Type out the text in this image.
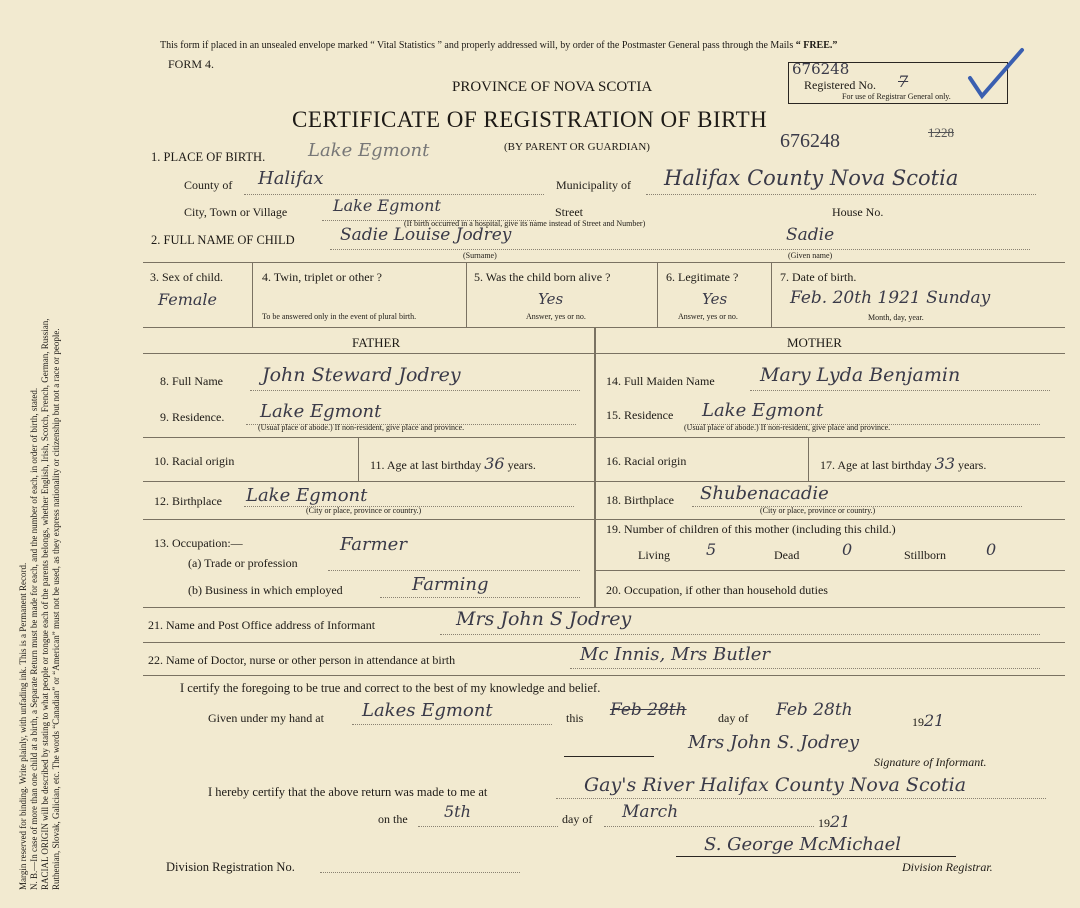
Margin reserved for binding. Write plainly, with unfading ink. This is a Permanent Record. N. B.—In case of more than one child at a birth, a Separate Return must be made for each, and the number of each, in order of birth, stated. RACIAL ORIGIN will be described by stating to what people or tongue each of the parents belongs, whether English, Irish, Scotch, French, German, Russian, Ruthenian, Slovak, Galician, etc. The words “Canadian” or “American” must not be used, as they express nationality or citizenship but not a race or people.
This form if placed in an unsealed envelope marked “ Vital Statistics ” and properly addressed will, by order of the Postmaster General pass through the Mails “ FREE.”
FORM 4.
PROVINCE OF NOVA SCOTIA
CERTIFICATE OF REGISTRATION OF BIRTH
(BY PARENT OR GUARDIAN)
676248
Registered No. 7
For use of Registrar General only.
676248	1228
1. PLACE OF BIRTH. Lake Egmont
County of Halifax	Municipality of Halifax County Nova Scotia
City, Town or Village	Lake Egmont	Street	House No.
(If birth occurred in a hospital, give its name instead of Street and Number)
2. FULL NAME OF CHILD	Sadie Louise Jodrey	Sadie
(Surname)	(Given name)
3. Sex of child.
Female
4. Twin, triplet or other ?
To be answered only in the event of plural birth.
5. Was the child born alive ?
Yes
Answer, yes or no.
6. Legitimate ?
Yes
Answer, yes or no.
7. Date of birth.
Feb. 20th 1921 Sunday
Month, day, year.
FATHER	MOTHER
8. Full Name John Steward Jodrey
9. Residence. Lake Egmont
(Usual place of abode.) If non-resident, give place and province.
10. Racial origin	11. Age at last birthday 36 years.
12. Birthplace Lake Egmont
(City or place, province or country.)
13. Occupation:—
(a) Trade or profession
Farmer
(b) Business in which employed	Farming
14. Full Maiden Name Mary Lyda Benjamin
15. Residence Lake Egmont
(Usual place of abode.) If non-resident, give place and province.
16. Racial origin	17. Age at last birthday 33 years.
18. Birthplace Shubenacadie
(City or place, province or country.)
19. Number of children of this mother (including this child.)
Living 5	Dead	0	Stillborn 0
20. Occupation, if other than household duties
21. Name and Post Office address of Informant	Mrs John S Jodrey
22. Name of Doctor, nurse or other person in attendance at birth	Mc Innis, Mrs Butler
I certify the foregoing to be true and correct to the best of my knowledge and belief.
Given under my hand at Lakes Egmont	this Feb 28th	day of Feb 28th
1921
Mrs John S. Jodrey
Signature of Informant.
I hereby certify that the above return was made to me at	Gay's River Halifax County Nova Scotia
on the 5th	day of March
1921
S. George McMichael
Division Registration No.	Division Registrar.
